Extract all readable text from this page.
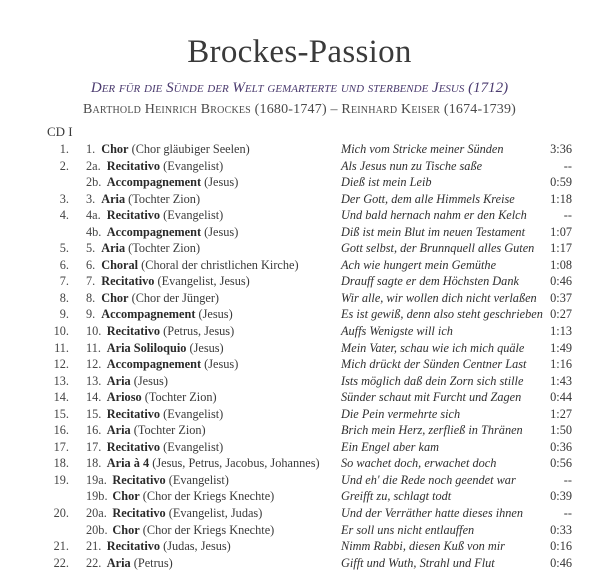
Brockes-Passion
Der für die Sünde der Welt gemarterte und sterbende Jesus (1712)
Barthold Heinrich Brockes (1680-1747) – Reinhard Keiser (1674-1739)
CD I
1. 1. Chor (Chor gläubiger Seelen)	Mich vom Stricke meiner Sünden	3:36
2. 2a. Recitativo (Evangelist)	Als Jesus nun zu Tische saße	--
2b. Accompagnement (Jesus)	Dieß ist mein Leib	0:59
3. 3. Aria (Tochter Zion)	Der Gott, dem alle Himmels Kreise	1:18
4. 4a. Recitativo (Evangelist)	Und bald hernach nahm er den Kelch	--
4b. Accompagnement (Jesus)	Diß ist mein Blut im neuen Testament 1:07
5. 5. Aria (Tochter Zion)	Gott selbst, der Brunnquell alles Guten 1:17
6. 6. Choral (Choral der christlichen Kirche)	Ach wie hungert mein Gemüthe	1:08
7. 7. Recitativo (Evangelist, Jesus)	Drauff sagte er dem Höchsten Dank	0:46
8. 8. Chor (Chor der Jünger)	Wir alle, wir wollen dich nicht verlaßen 0:37
9. 9. Accompagnement (Jesus)	Es ist gewiß, denn also steht geschrieben 0:27
10. 10. Recitativo (Petrus, Jesus)	Auffs Wenigste will ich	1:13
11. 11. Aria Soliloquio (Jesus)	Mein Vater, schau wie ich mich quäle 1:49
12. 12. Accompagnement (Jesus)	Mich drückt der Sünden Centner Last 1:16
13. 13. Aria (Jesus)	Ists möglich daß dein Zorn sich stille 1:43
14. 14. Arioso (Tochter Zion)	Sünder schaut mit Furcht und Zagen 0:44
15. 15. Recitativo (Evangelist)	Die Pein vermehrte sich	1:27
16. 16. Aria (Tochter Zion)	Brich mein Herz, zerfließ in Thränen 1:50
17. 17. Recitativo (Evangelist)	Ein Engel aber kam	0:36
18. 18. Aria à 4 (Jesus, Petrus, Jacobus, Johannes) So wachet doch, erwachet doch	0:56
19. 19a. Recitativo (Evangelist)	Und eh' die Rede noch geendet war	--
19b. Chor (Chor der Kriegs Knechte)	Greifft zu, schlagt todt	0:39
20. 20a. Recitativo (Evangelist, Judas)	Und der Verräther hatte dieses ihnen	--
20b. Chor (Chor der Kriegs Knechte)	Er soll uns nicht entlauffen	0:33
21. 21. Recitativo (Judas, Jesus)	Nimm Rabbi, diesen Kuß von mir	0:16
22. 22. Aria (Petrus)	Gifft und Wuth, Strahl und Flut	0:46
